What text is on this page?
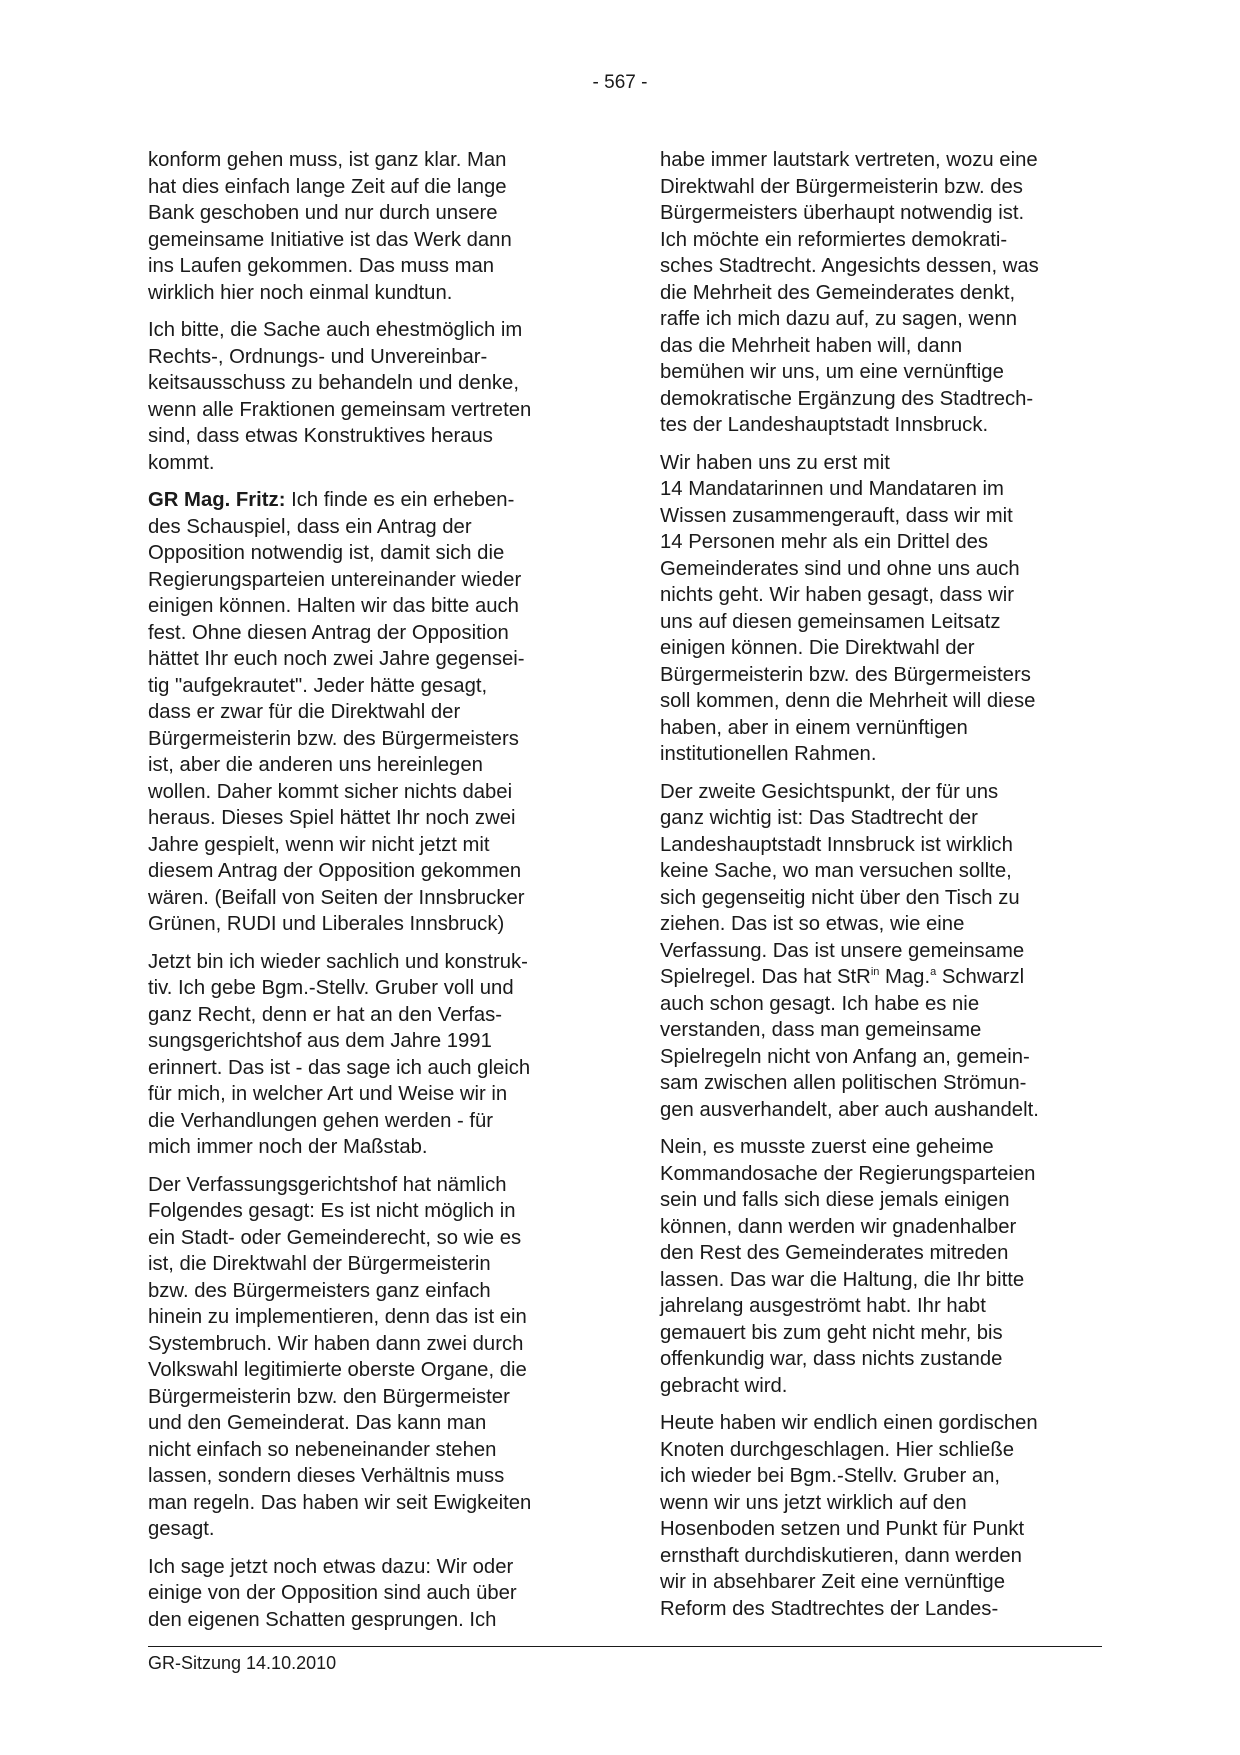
- 567 -

konform gehen muss, ist ganz klar. Man
hat dies einfach lange Zeit auf die lange
Bank geschoben und nur durch unsere
gemeinsame Initiative ist das Werk dann
ins Laufen gekommen. Das muss man
wirklich hier noch einmal kundtun.

Ich bitte, die Sache auch ehestmöglich im
Rechts-, Ordnungs- und Unvereinbar-
keitsausschuss zu behandeln und denke,
wenn alle Fraktionen gemeinsam vertreten
sind, dass etwas Konstruktives heraus
kommt.

GR Mag. Fritz: Ich finde es ein erheben-
des Schauspiel, dass ein Antrag der
Opposition notwendig ist, damit sich die
Regierungsparteien untereinander wieder
einigen können. Halten wir das bitte auch
fest. Ohne diesen Antrag der Opposition
hättet Ihr euch noch zwei Jahre gegensei-
tig "aufgekrautet". Jeder hätte gesagt,
dass er zwar für die Direktwahl der
Bürgermeisterin bzw. des Bürgermeisters
ist, aber die anderen uns hereinlegen
wollen. Daher kommt sicher nichts dabei
heraus. Dieses Spiel hättet Ihr noch zwei
Jahre gespielt, wenn wir nicht jetzt mit
diesem Antrag der Opposition gekommen
wären. (Beifall von Seiten der Innsbrucker
Grünen, RUDI und Liberales Innsbruck)

Jetzt bin ich wieder sachlich und konstruk-
tiv. Ich gebe Bgm.-Stellv. Gruber voll und
ganz Recht, denn er hat an den Verfas-
sungsgerichtshof aus dem Jahre 1991
erinnert. Das ist - das sage ich auch gleich
für mich, in welcher Art und Weise wir in
die Verhandlungen gehen werden - für
mich immer noch der Maßstab.

Der Verfassungsgerichtshof hat nämlich
Folgendes gesagt: Es ist nicht möglich in
ein Stadt- oder Gemeinderecht, so wie es
ist, die Direktwahl der Bürgermeisterin
bzw. des Bürgermeisters ganz einfach
hinein zu implementieren, denn das ist ein
Systembruch. Wir haben dann zwei durch
Volkswahl legitimierte oberste Organe, die
Bürgermeisterin bzw. den Bürgermeister
und den Gemeinderat. Das kann man
nicht einfach so nebeneinander stehen
lassen, sondern dieses Verhältnis muss
man regeln. Das haben wir seit Ewigkeiten
gesagt.

Ich sage jetzt noch etwas dazu: Wir oder
einige von der Opposition sind auch über
den eigenen Schatten gesprungen. Ich

habe immer lautstark vertreten, wozu eine
Direktwahl der Bürgermeisterin bzw. des
Bürgermeisters überhaupt notwendig ist.
Ich möchte ein reformiertes demokrati-
sches Stadtrecht. Angesichts dessen, was
die Mehrheit des Gemeinderates denkt,
raffe ich mich dazu auf, zu sagen, wenn
das die Mehrheit haben will, dann
bemühen wir uns, um eine vernünftige
demokratische Ergänzung des Stadtrech-
tes der Landeshauptstadt Innsbruck.

Wir haben uns zu erst mit
14 Mandatarinnen und Mandataren im
Wissen zusammengerauft, dass wir mit
14 Personen mehr als ein Drittel des
Gemeinderates sind und ohne uns auch
nichts geht. Wir haben gesagt, dass wir
uns auf diesen gemeinsamen Leitsatz
einigen können. Die Direktwahl der
Bürgermeisterin bzw. des Bürgermeisters
soll kommen, denn die Mehrheit will diese
haben, aber in einem vernünftigen
institutionellen Rahmen.

Der zweite Gesichtspunkt, der für uns
ganz wichtig ist: Das Stadtrecht der
Landeshauptstadt Innsbruck ist wirklich
keine Sache, wo man versuchen sollte,
sich gegenseitig nicht über den Tisch zu
ziehen. Das ist so etwas, wie eine
Verfassung. Das ist unsere gemeinsame
Spielregel. Das hat StR$^{in}$ Mag.$^a$ Schwarzl
auch schon gesagt. Ich habe es nie
verstanden, dass man gemeinsame
Spielregeln nicht von Anfang an, gemein-
sam zwischen allen politischen Strömun-
gen ausverhandelt, aber auch aushandelt.

Nein, es musste zuerst eine geheime
Kommandosache der Regierungsparteien
sein und falls sich diese jemals einigen
können, dann werden wir gnadenhalber
den Rest des Gemeinderates mitreden
lassen. Das war die Haltung, die Ihr bitte
jahrelang ausgeströmt habt. Ihr habt
gemauert bis zum geht nicht mehr, bis
offenkundig war, dass nichts zustande
gebracht wird.

Heute haben wir endlich einen gordischen
Knoten durchgeschlagen. Hier schließe
ich wieder bei Bgm.-Stellv. Gruber an,
wenn wir uns jetzt wirklich auf den
Hosenboden setzen und Punkt für Punkt
ernsthaft durchdiskutieren, dann werden
wir in absehbarer Zeit eine vernünftige
Reform des Stadtrechtes der Landes-

GR-Sitzung 14.10.2010
